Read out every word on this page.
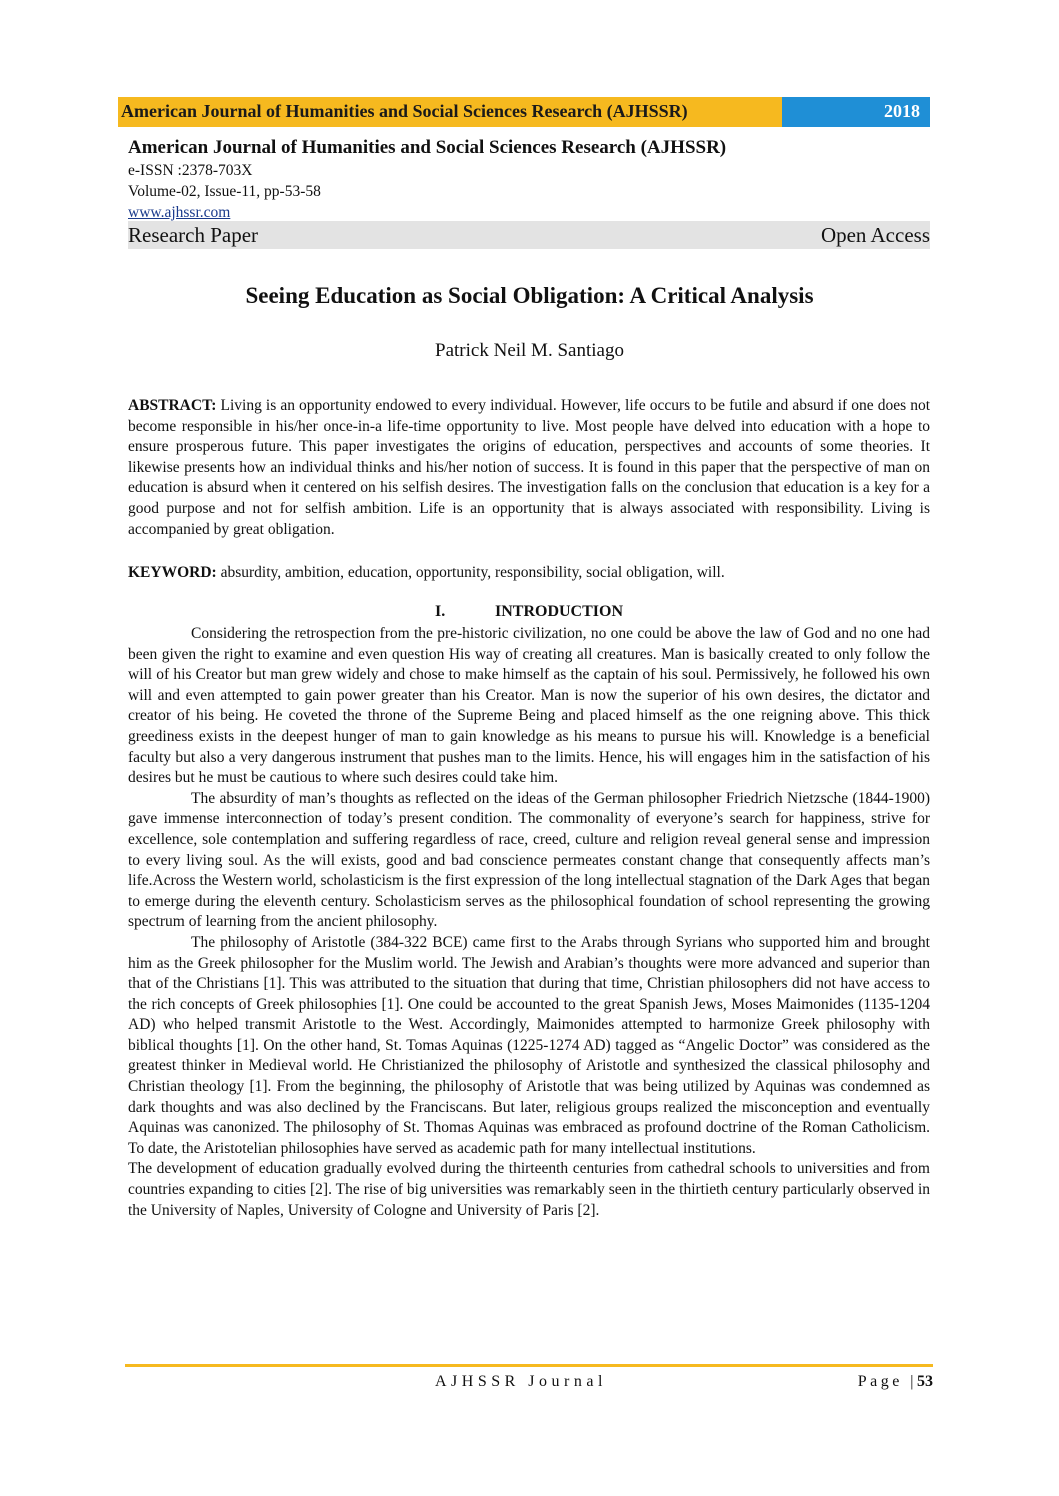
American Journal of Humanities and Social Sciences Research (AJHSSR)	2018
American Journal of Humanities and Social Sciences Research (AJHSSR)
e-ISSN :2378-703X
Volume-02, Issue-11, pp-53-58
www.ajhssr.com
Research Paper	Open Access
Seeing Education as Social Obligation: A Critical Analysis
Patrick Neil M. Santiago
ABSTRACT: Living is an opportunity endowed to every individual. However, life occurs to be futile and absurd if one does not become responsible in his/her once-in-a life-time opportunity to live. Most people have delved into education with a hope to ensure prosperous future. This paper investigates the origins of education, perspectives and accounts of some theories. It likewise presents how an individual thinks and his/her notion of success. It is found in this paper that the perspective of man on education is absurd when it centered on his selfish desires. The investigation falls on the conclusion that education is a key for a good purpose and not for selfish ambition. Life is an opportunity that is always associated with responsibility. Living is accompanied by great obligation.
KEYWORD: absurdity, ambition, education, opportunity, responsibility, social obligation, will.
I.	INTRODUCTION

Considering the retrospection from the pre-historic civilization, no one could be above the law of God and no one had been given the right to examine and even question His way of creating all creatures. Man is basically created to only follow the will of his Creator but man grew widely and chose to make himself as the captain of his soul. Permissively, he followed his own will and even attempted to gain power greater than his Creator. Man is now the superior of his own desires, the dictator and creator of his being. He coveted the throne of the Supreme Being and placed himself as the one reigning above. This thick greediness exists in the deepest hunger of man to gain knowledge as his means to pursue his will. Knowledge is a beneficial faculty but also a very dangerous instrument that pushes man to the limits. Hence, his will engages him in the satisfaction of his desires but he must be cautious to where such desires could take him.

The absurdity of man’s thoughts as reflected on the ideas of the German philosopher Friedrich Nietzsche (1844-1900) gave immense interconnection of today’s present condition. The commonality of everyone’s search for happiness, strive for excellence, sole contemplation and suffering regardless of race, creed, culture and religion reveal general sense and impression to every living soul. As the will exists, good and bad conscience permeates constant change that consequently affects man’s life.Across the Western world, scholasticism is the first expression of the long intellectual stagnation of the Dark Ages that began to emerge during the eleventh century. Scholasticism serves as the philosophical foundation of school representing the growing spectrum of learning from the ancient philosophy.

The philosophy of Aristotle (384-322 BCE) came first to the Arabs through Syrians who supported him and brought him as the Greek philosopher for the Muslim world. The Jewish and Arabian’s thoughts were more advanced and superior than that of the Christians [1]. This was attributed to the situation that during that time, Christian philosophers did not have access to the rich concepts of Greek philosophies [1]. One could be accounted to the great Spanish Jews, Moses Maimonides (1135-1204 AD) who helped transmit Aristotle to the West. Accordingly, Maimonides attempted to harmonize Greek philosophy with biblical thoughts [1]. On the other hand, St. Tomas Aquinas (1225-1274 AD) tagged as “Angelic Doctor” was considered as the greatest thinker in Medieval world. He Christianized the philosophy of Aristotle and synthesized the classical philosophy and Christian theology [1]. From the beginning, the philosophy of Aristotle that was being utilized by Aquinas was condemned as dark thoughts and was also declined by the Franciscans. But later, religious groups realized the misconception and eventually Aquinas was canonized. The philosophy of St. Thomas Aquinas was embraced as profound doctrine of the Roman Catholicism. To date, the Aristotelian philosophies have served as academic path for many intellectual institutions.

The development of education gradually evolved during the thirteenth centuries from cathedral schools to universities and from countries expanding to cities [2]. The rise of big universities was remarkably seen in the thirtieth century particularly observed in the University of Naples, University of Cologne and University of Paris [2].

AJHSSR Journal	Page |53
